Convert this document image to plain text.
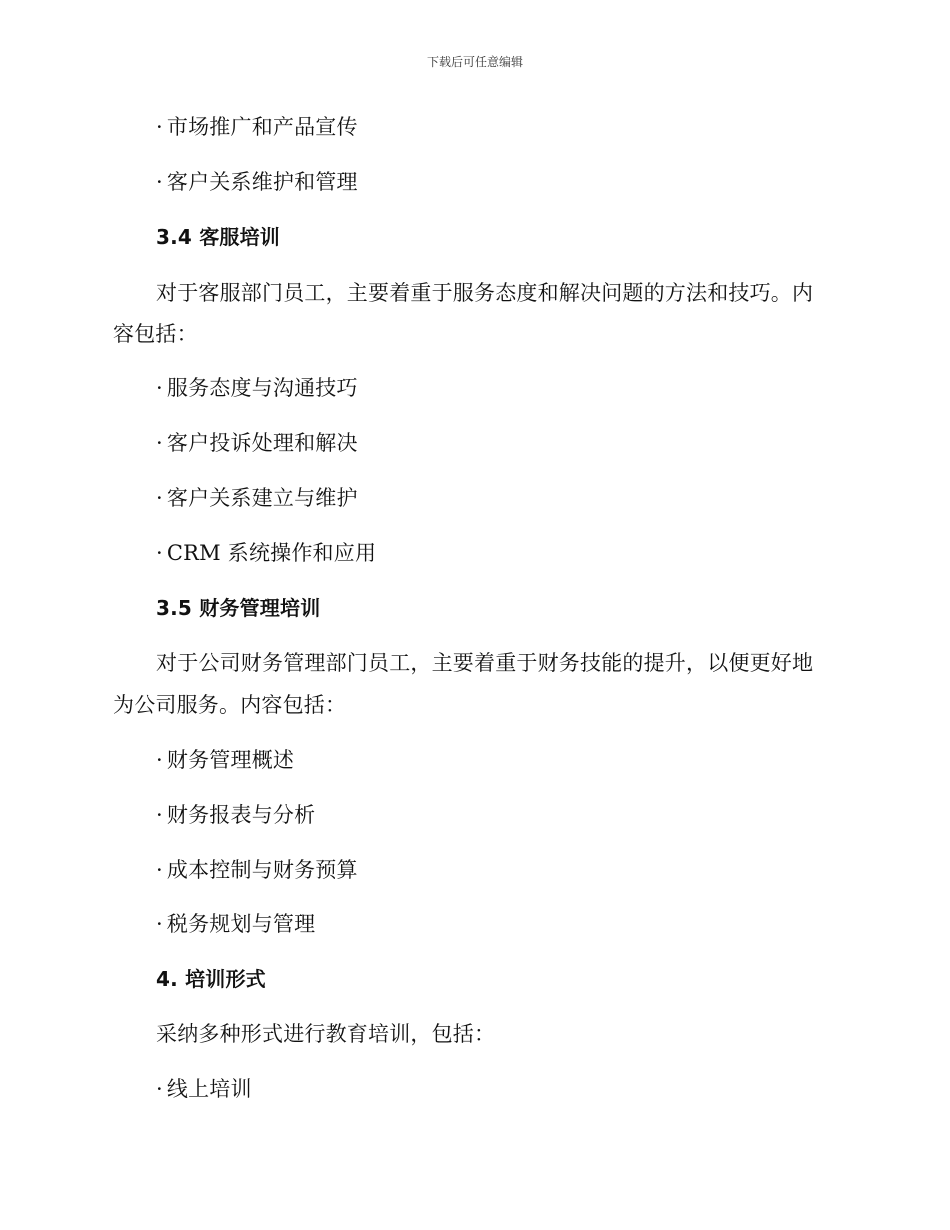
下载后可任意编辑
· 市场推广和产品宣传
· 客户关系维护和管理
3.4 客服培训
对于客服部门员工，主要着重于服务态度和解决问题的方法和技巧。内
容包括：
· 服务态度与沟通技巧
· 客户投诉处理和解决
· 客户关系建立与维护
· CRM 系统操作和应用
3.5 财务管理培训
对于公司财务管理部门员工，主要着重于财务技能的提升，以便更好地
为公司服务。内容包括：
· 财务管理概述
· 财务报表与分析
· 成本控制与财务预算
· 税务规划与管理
4. 培训形式
采纳多种形式进行教育培训，包括：
· 线上培训
